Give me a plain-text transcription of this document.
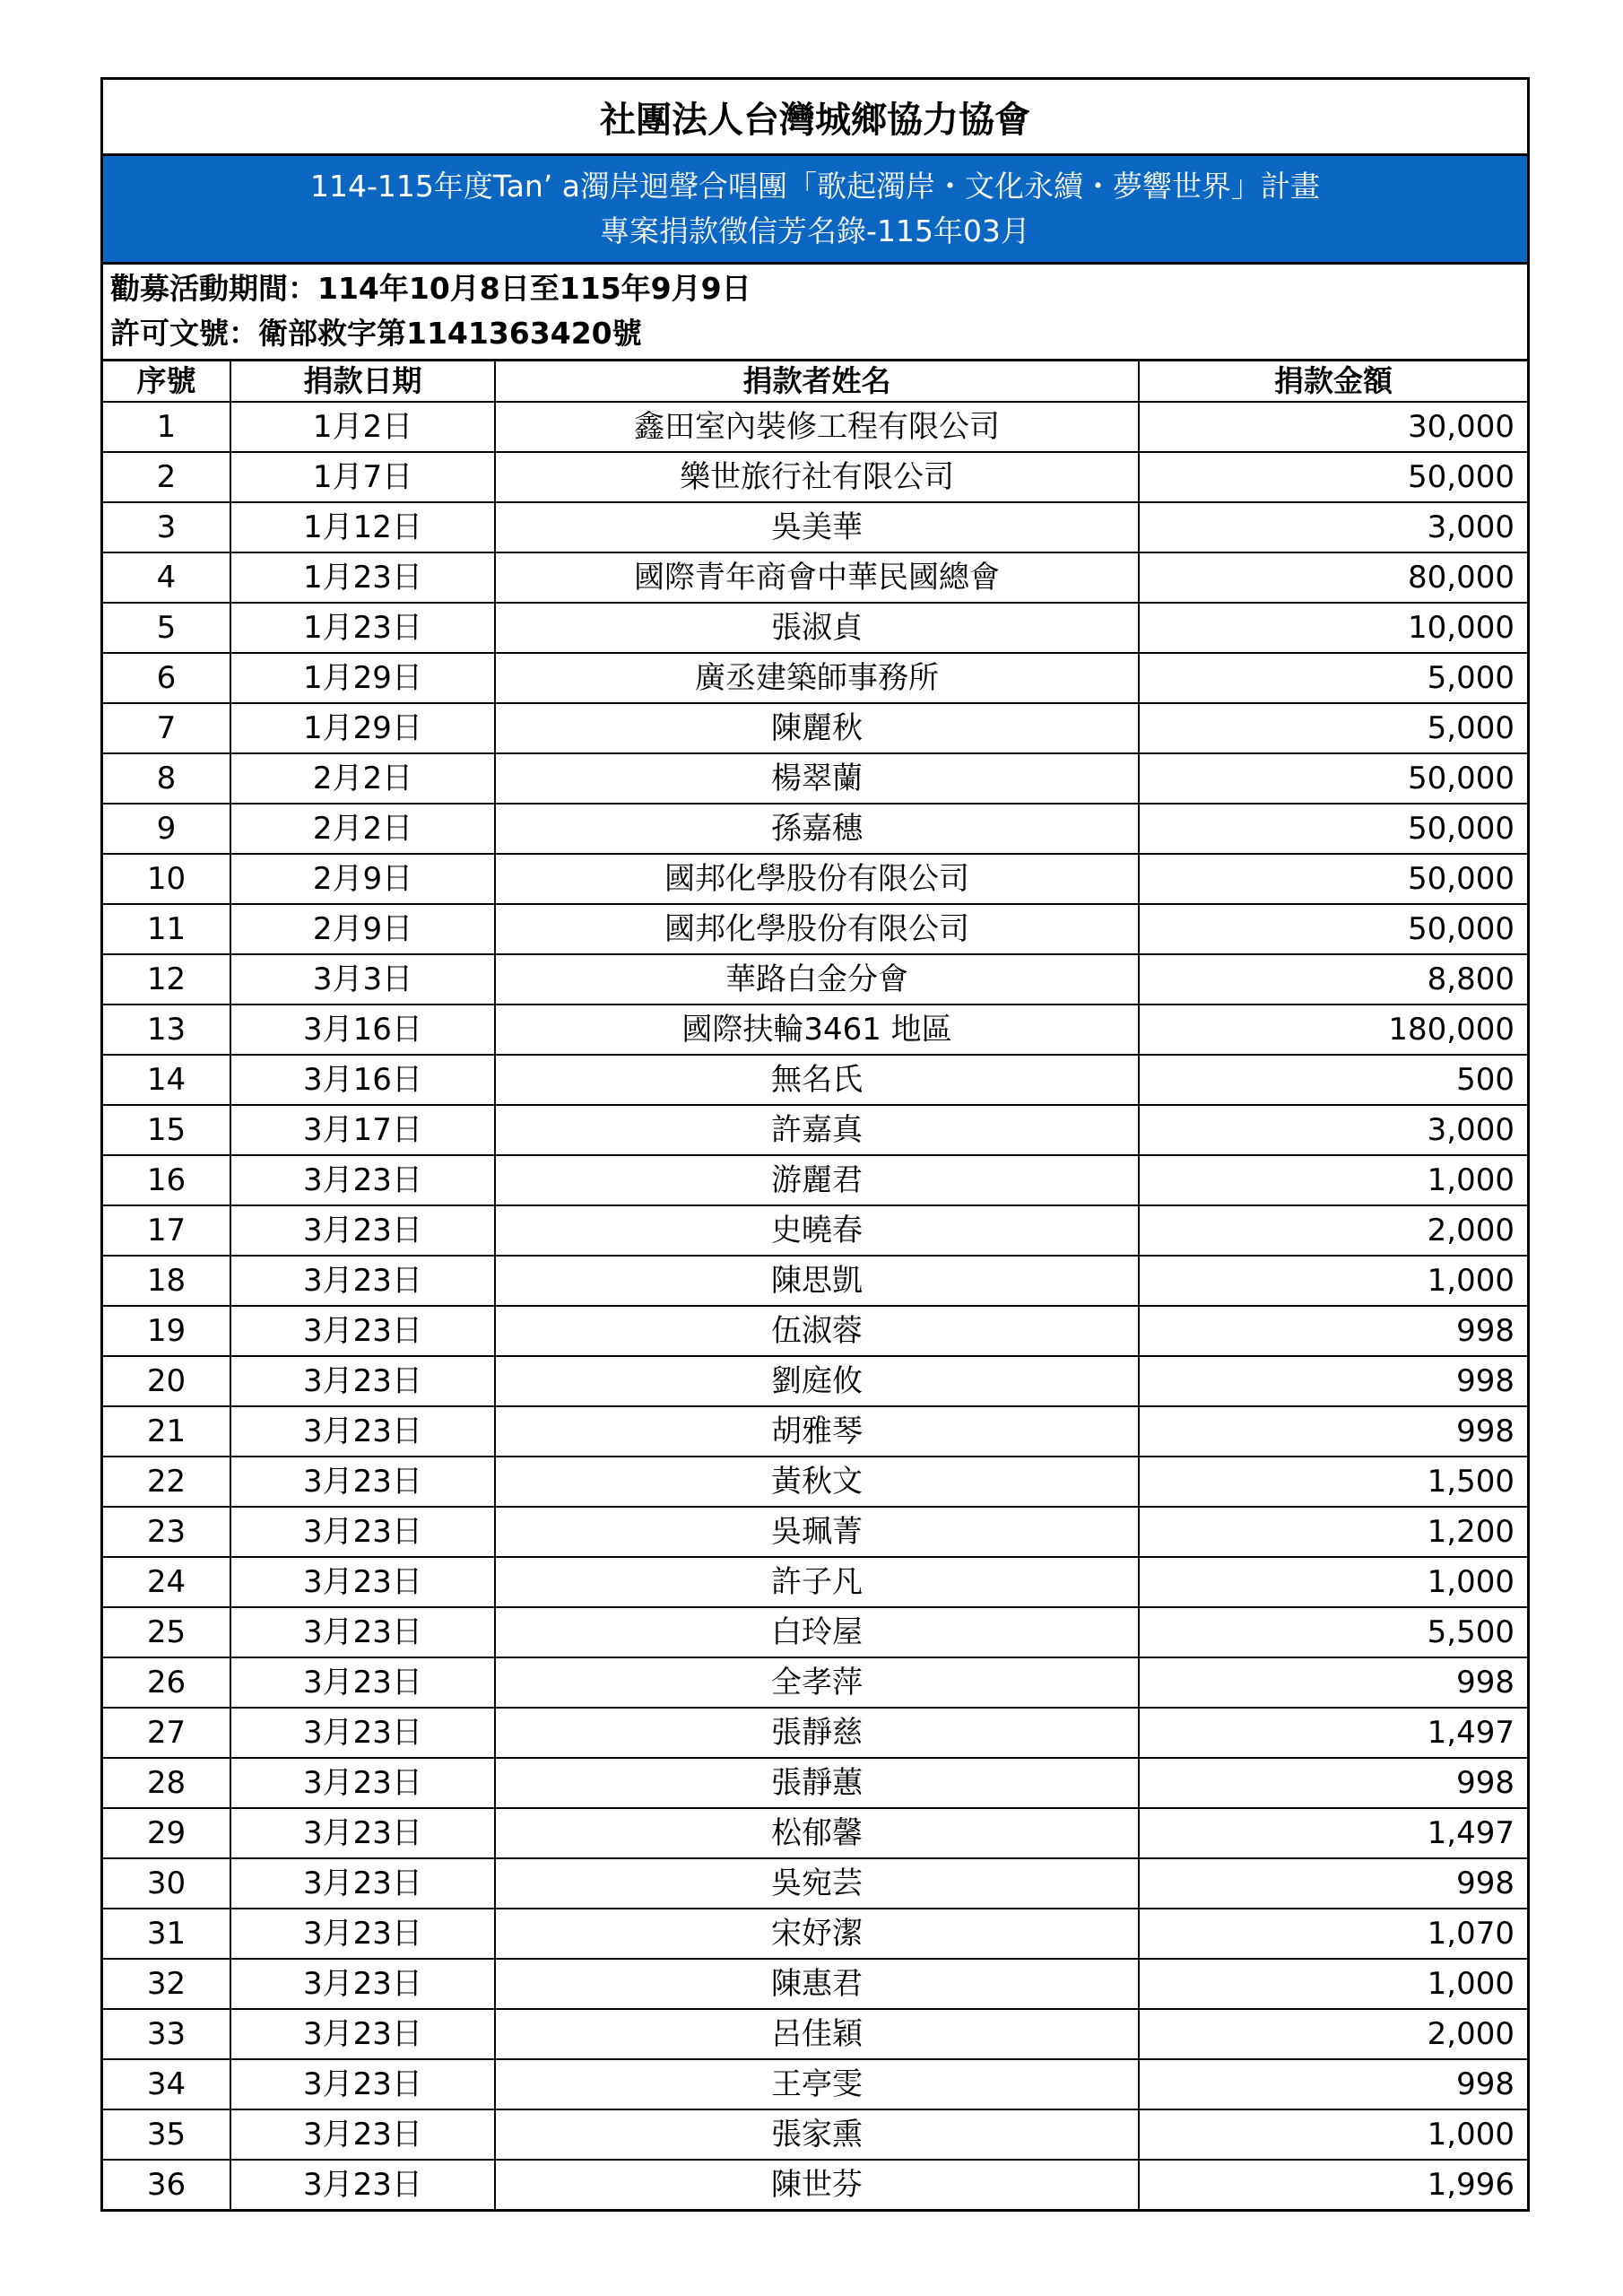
社團法人台灣城鄉協力協會
114-115年度Tan’ a濁岸迴聲合唱團「歌起濁岸・文化永續・夢響世界」計畫
專案捐款徵信芳名錄-115年03月
勸募活動期間：114年10月8日至115年9月9日
許可文號：衛部救字第1141363420號
序號	捐款日期	捐款者姓名	捐款金額
1	1月2日	鑫田室內裝修工程有限公司	30,000
2	1月7日	樂世旅行社有限公司	50,000
3	1月12日	吳美華	3,000
4	1月23日	國際青年商會中華民國總會	80,000
5	1月23日	張淑貞	10,000
6	1月29日	廣丞建築師事務所	5,000
7	1月29日	陳麗秋	5,000
8	2月2日	楊翠蘭	50,000
9	2月2日	孫嘉穗	50,000
10	2月9日	國邦化學股份有限公司	50,000
11	2月9日	國邦化學股份有限公司	50,000
12	3月3日	華路白金分會	8,800
13	3月16日	國際扶輪3461 地區	180,000
14	3月16日	無名氏	500
15	3月17日	許嘉真	3,000
16	3月23日	游麗君	1,000
17	3月23日	史曉春	2,000
18	3月23日	陳思凱	1,000
19	3月23日	伍淑蓉	998
20	3月23日	劉庭攸	998
21	3月23日	胡雅琴	998
22	3月23日	黃秋文	1,500
23	3月23日	吳珮菁	1,200
24	3月23日	許子凡	1,000
25	3月23日	白玲屋	5,500
26	3月23日	全孝萍	998
27	3月23日	張靜慈	1,497
28	3月23日	張靜蕙	998
29	3月23日	松郁馨	1,497
30	3月23日	吳宛芸	998
31	3月23日	宋妤潔	1,070
32	3月23日	陳惠君	1,000
33	3月23日	呂佳穎	2,000
34	3月23日	王亭雯	998
35	3月23日	張家熏	1,000
36	3月23日	陳世芬	1,996
